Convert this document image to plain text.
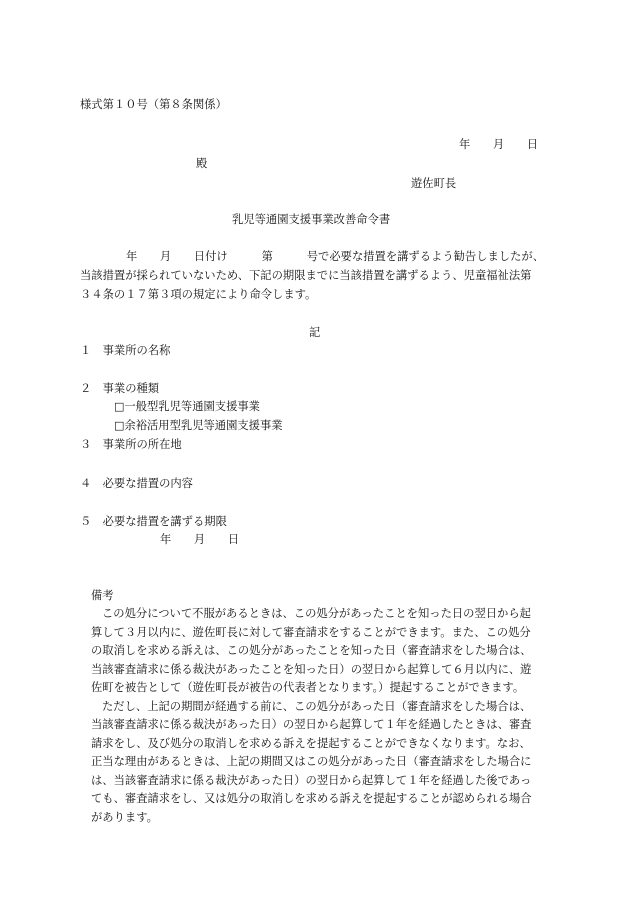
様式第１０号（第８条関係）
年　　月　　日
殿
遊佐町長
乳児等通園支援事業改善命令書
年　　月　　日付け　　　第　　　号で必要な措置を講ずるよう勧告しましたが、
当該措置が採られていないため、下記の期限までに当該措置を講ずるよう、児童福祉法第
３４条の１７第３項の規定により命令します。
記
１　事業所の名称
２　事業の種類
□ 一般型乳児等通園支援事業
□ 余裕活用型乳児等通園支援事業
３　事業所の所在地
４　必要な措置の内容
５　必要な措置を講ずる期限
年　　月　　日
備考
この処分について不服があるときは、この処分があったことを知った日の翌日から起
算して３月以内に、遊佐町長に対して審査請求をすることができます。また、この処分
の取消しを求める訴えは、この処分があったことを知った日（審査請求をした場合は、
当該審査請求に係る裁決があったことを知った日）の翌日から起算して６月以内に、遊
佐町を被告として（遊佐町長が被告の代表者となります。）提起することができます。
ただし、上記の期間が経過する前に、この処分があった日（審査請求をした場合は、
当該審査請求に係る裁決があった日）の翌日から起算して１年を経過したときは、審査
請求をし、及び処分の取消しを求める訴えを提起することができなくなります。なお、
正当な理由があるときは、上記の期間又はこの処分があった日（審査請求をした場合に
は、当該審査請求に係る裁決があった日）の翌日から起算して１年を経過した後であっ
ても、審査請求をし、又は処分の取消しを求める訴えを提起することが認められる場合
があります。
